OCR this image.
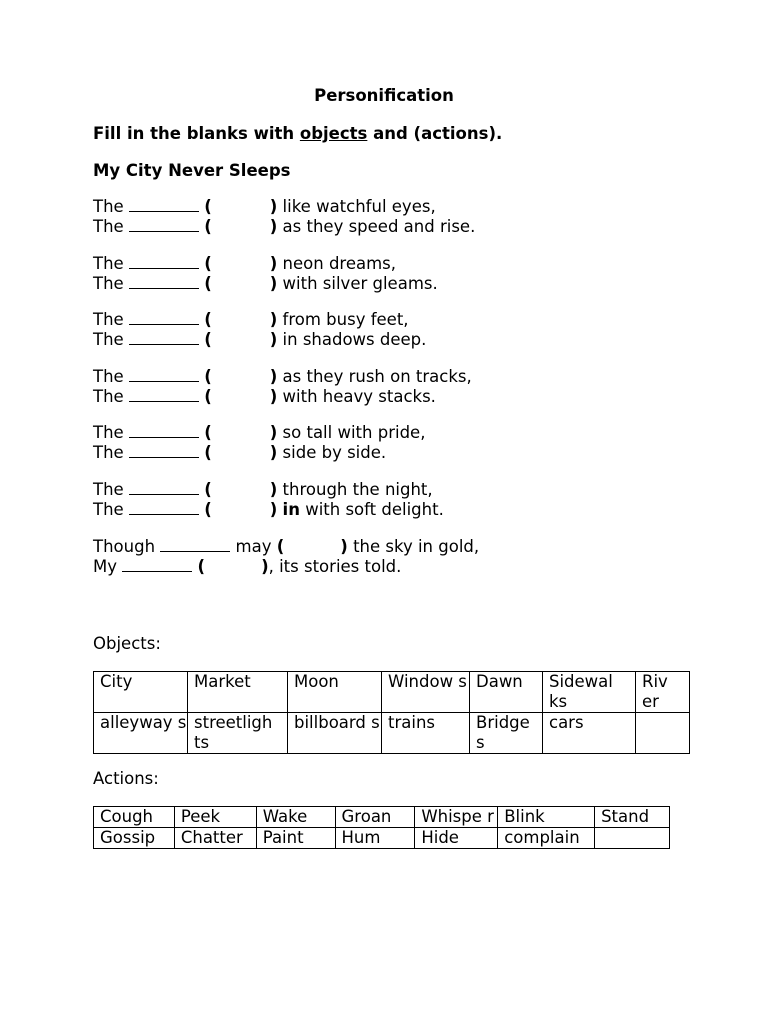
Personification
Fill in the blanks with objects and (actions).
My City Never Sleeps
The	(	) like watchful eyes,
The	(	) as they speed and rise.
The	(	) neon dreams,
The	(	) with silver gleams.
The	(	) from busy feet,
The	(	) in shadows deep.
The	(	) as they rush on tracks,
The	(	) with heavy stacks.
The	(	) so tall with pride,
The	(	) side by side.
The	(	) through the night,
The	(	) in with soft delight.
Though	may (	) the sky in gold,
My	(	), its stories told.
Objects:
City	Market	Moon	Window s	Dawn	Sidewal ks	Riv er
alleyway s	streetligh ts	billboard s	trains	Bridge s	cars	
Actions:
Cough	Peek	Wake	Groan	Whispe r	Blink	Stand
Gossip	Chatter	Paint	Hum	Hide	complain	
